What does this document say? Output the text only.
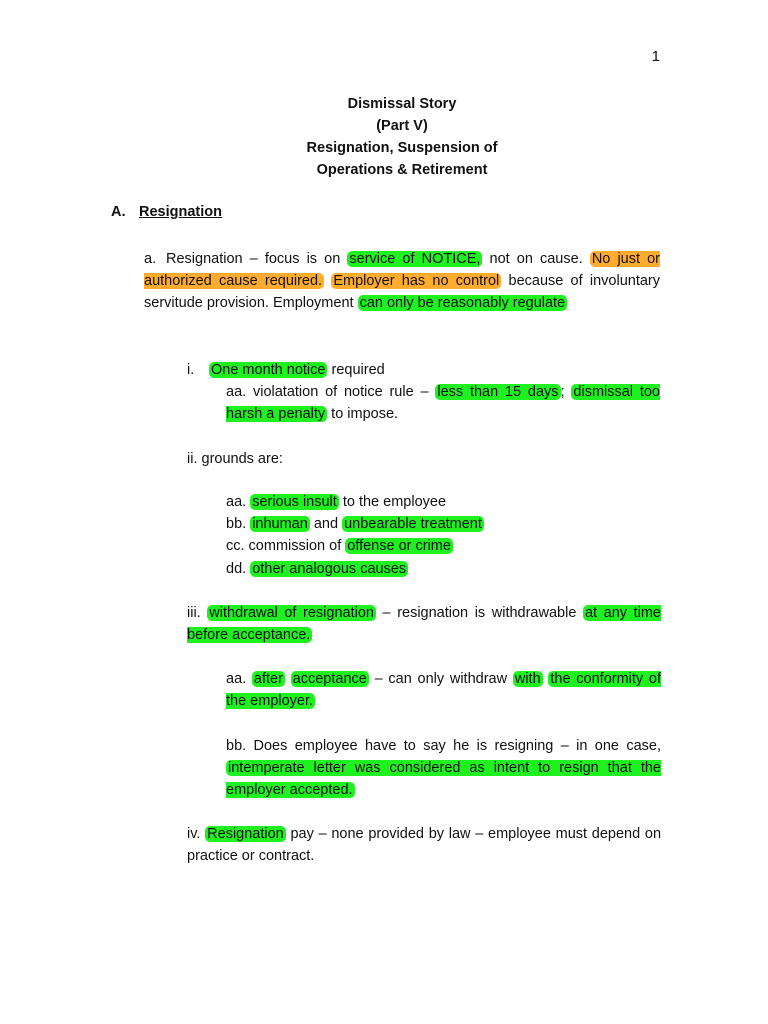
1
Dismissal Story
(Part V)
Resignation, Suspension of
Operations & Retirement
A. Resignation
a. Resignation – focus is on service of NOTICE, not on cause. No just or authorized cause required. Employer has no control because of involuntary servitude provision. Employment can only be reasonably regulate
i. One month notice required
aa. violatation of notice rule – less than 15 days ; dismissal too harsh a penalty to impose.
ii. grounds are:
aa. serious insult to the employee
bb. inhuman and unbearable treatment
cc. commission of offense or crime
dd. other analogous causes
iii. withdrawal of resignation – resignation is withdrawable at any time before acceptance.
aa. after acceptance – can only withdraw with the conformity of the employer.
bb. Does employee have to say he is resigning – in one case, intemperate letter was considered as intent to resign that the employer accepted.
iv. Resignation pay – none provided by law – employee must depend on practice or contract.
